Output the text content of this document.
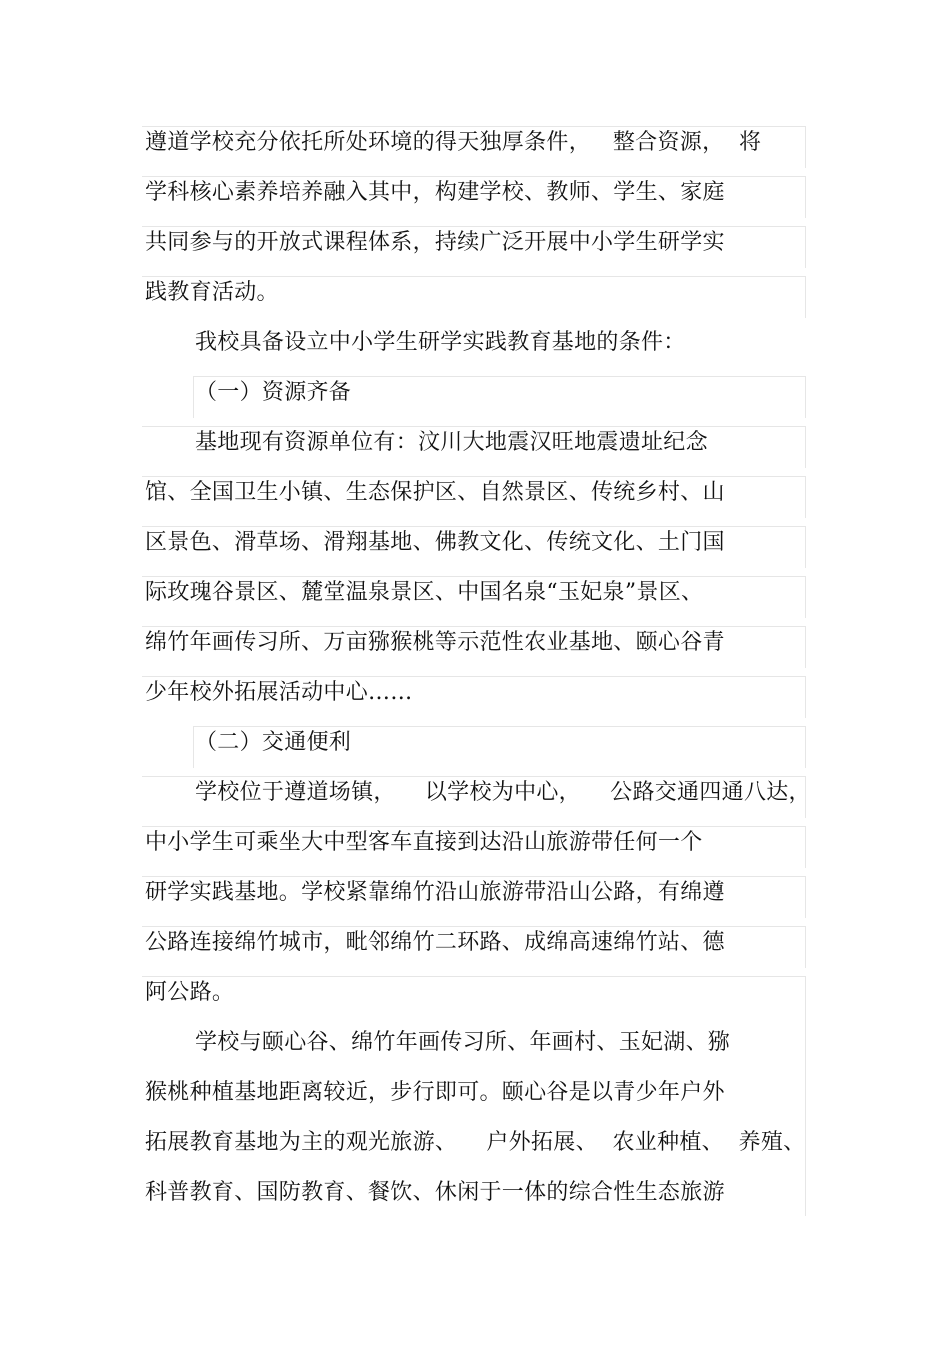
遵道学校充分依托所处环境的得天独厚条件，   整合资源，  将
学科核心素养培养融入其中，构建学校、教师、学生、家庭
共同参与的开放式课程体系，持续广泛开展中小学生研学实
践教育活动。
我校具备设立中小学生研学实践教育基地的条件：
（一）资源齐备
基地现有资源单位有：汶川大地震汉旺地震遗址纪念
馆、全国卫生小镇、生态保护区、自然景区、传统乡村、山
区景色、滑草场、滑翔基地、佛教文化、传统文化、土门国
际玫瑰谷景区、麓堂温泉景区、中国名泉“玉妃泉”景区、
绵竹年画传习所、万亩猕猴桃等示范性农业基地、颐心谷青
少年校外拓展活动中心……
（二）交通便利
学校位于遵道场镇，    以学校为中心，    公路交通四通八达，
中小学生可乘坐大中型客车直接到达沿山旅游带任何一个
研学实践基地。学校紧靠绵竹沿山旅游带沿山公路，有绵遵
公路连接绵竹城市，毗邻绵竹二环路、成绵高速绵竹站、德
阿公路。
学校与颐心谷、绵竹年画传习所、年画村、玉妃湖、猕
猴桃种植基地距离较近，步行即可。颐心谷是以青少年户外
拓展教育基地为主的观光旅游、    户外拓展、  农业种植、  养殖、
科普教育、国防教育、餐饮、休闲于一体的综合性生态旅游
